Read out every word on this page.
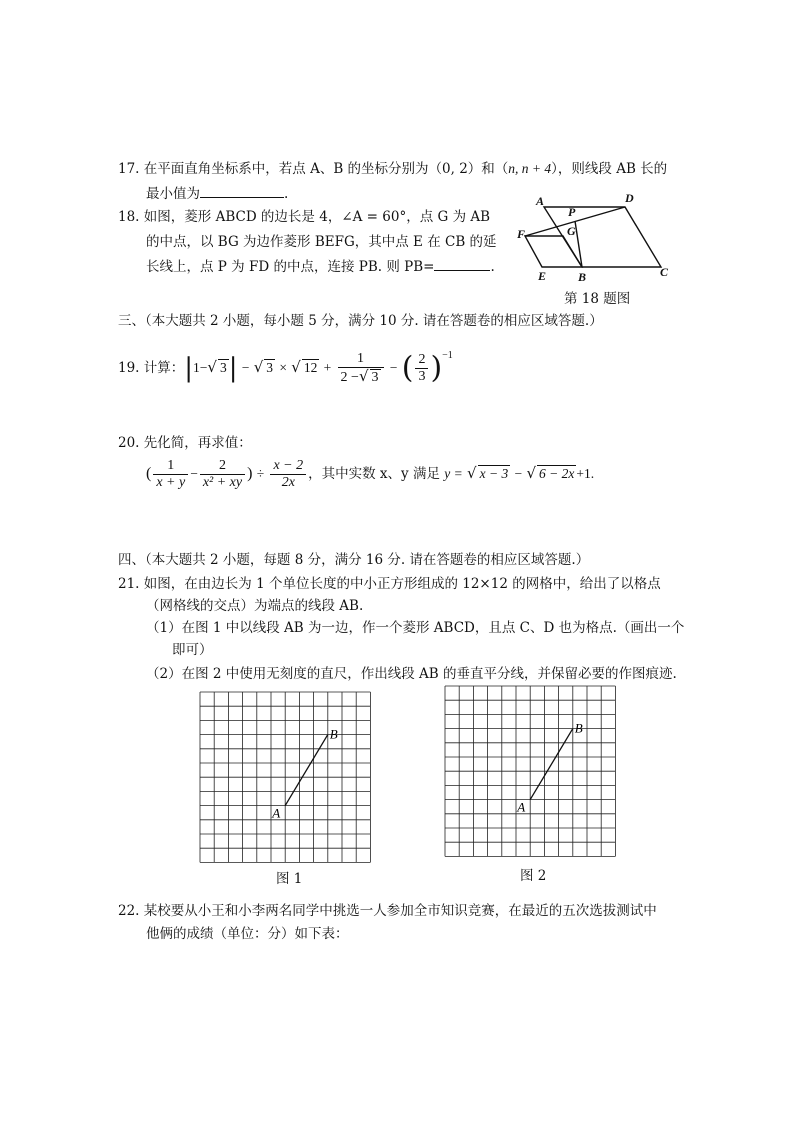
17. 在平面直角坐标系中，若点 A、B 的坐标分别为（0, 2）和（n, n + 4），则线段 AB 长的
最小值为	.
18. 如图，菱形 ABCD 的边长是 4，∠A = 60°，点 G 为 AB
的中点，以 BG 为边作菱形 BEFG，其中点 E 在 CB 的延
长线上，点 P 为 FD 的中点，连接 PB. 则 PB=	.
A
P
D
G
F
E	B	C
第 18 题图
三、（本大题共 2 小题，每小题 5 分，满分 10 分. 请在答题卷的相应区域答题.）
19. 计算：|1−√ 3| − √ 3 × √ $12 + \frac{1}{2 -√ 3}$ − ( $\frac{2}{3} )^{-1}$
20. 先化简，再求值：
( $\frac{1}{x + y} - \frac{2}{\text{x² + xy}}$ ) ÷ $\frac{x - 2}{2x}$ ，其中实数 x、y 满足 y = √ x − 3 − √ 6 − 2x +1.
四、（本大题共 2 小题，每题 8 分，满分 16 分. 请在答题卷的相应区域答题.）
21. 如图，在由边长为 1 个单位长度的中小正方形组成的 12×12 的网格中，给出了以格点
（网格线的交点）为端点的线段 AB.
（1）在图 1 中以线段 AB 为一边，作一个菱形 ABCD，且点 C、D 也为格点.（画出一个
即可）
（2）在图 2 中使用无刻度的直尺，作出线段 AB 的垂直平分线，并保留必要的作图痕迹.
A
B
A
B
图 1	图 2
22. 某校要从小王和小李两名同学中挑选一人参加全市知识竞赛，在最近的五次选拔测试中
他俩的成绩（单位：分）如下表：
